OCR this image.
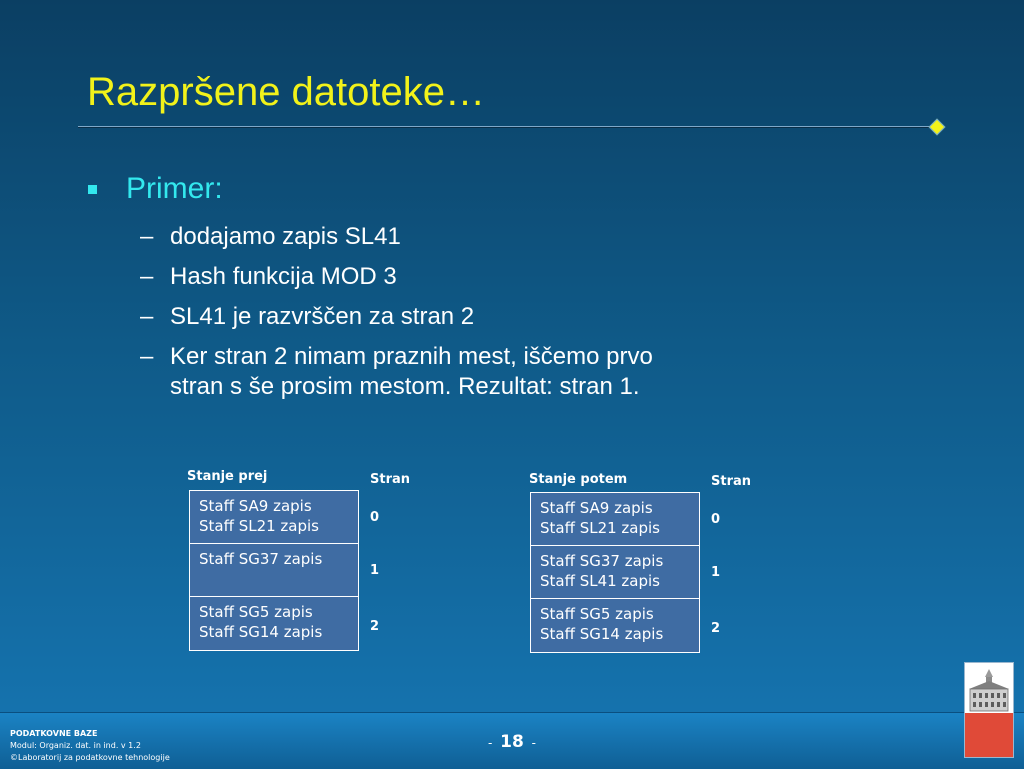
Razpršene datoteke…
Primer:
– dodajamo zapis SL41
– Hash funkcija MOD 3
– SL41 je razvrščen za stran 2
– Ker stran 2 nimam praznih mest, iščemo prvo
stran s še prosim mestom. Rezultat: stran 1.
Stanje prej	Stran
Staff SA9 zapis
Staff SL21 zapis
Staff SG37 zapis
Staff SG5 zapis
Staff SG14 zapis
0
1
2
Stanje potem	Stran
Staff SA9 zapis
Staff SL21 zapis
Staff SG37 zapis
Staff SL41 zapis
Staff SG5 zapis
Staff SG14 zapis
0
1
2
PODATKOVNE BAZE
Modul: Organiz. dat. in ind. v 1.2
©Laboratorij za podatkovne tehnologije
- 18 -
